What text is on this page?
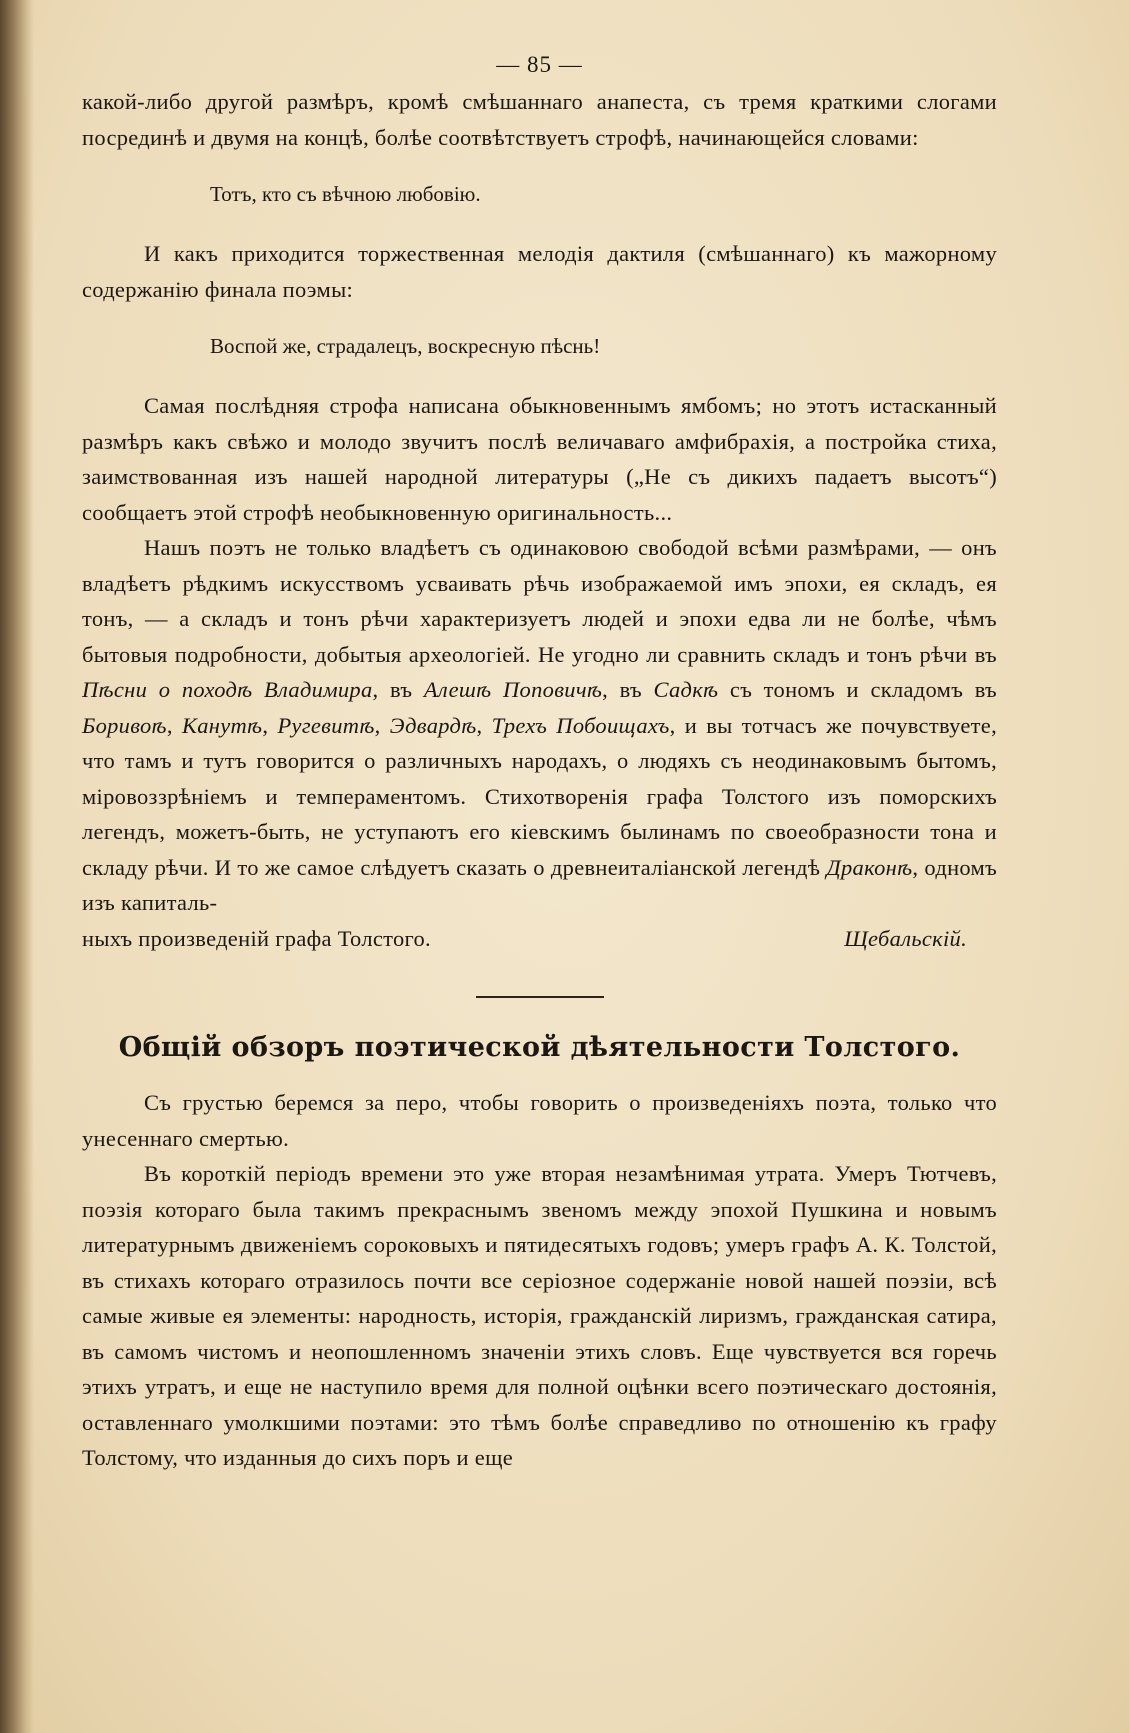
— 85 —

какой-либо другой размѣръ, кромѣ смѣшаннаго анапеста, съ тремя краткими слогами посрединѣ и двумя на концѣ, болѣе соотвѣтствуетъ строфѣ, начинающейся словами:

Тотъ, кто съ вѣчною любовiю.

И какъ приходится торжественная мелодiя дактиля (смѣшаннаго) къ мажорному содержанiю финала поэмы:

Воспой же, страдалецъ, воскресную пѣснь!

Самая послѣдняя строфа написана обыкновеннымъ ямбомъ; но этотъ истасканный размѣръ какъ свѣжо и молодо звучитъ послѣ величаваго амфибрахiя, а постройка стиха, заимствованная изъ нашей народной литературы („Не съ дикихъ падаетъ высотъ“) сообщаетъ этой строфѣ необыкновенную оригинальность...

Нашъ поэтъ не только владѣетъ съ одинаковою свободой всѣми размѣрами, — онъ владѣетъ рѣдкимъ искусствомъ усваивать рѣчь изображаемой имъ эпохи, ея складъ, ея тонъ, — а складъ и тонъ рѣчи характеризуетъ людей и эпохи едва ли не болѣе, чѣмъ бытовыя подробности, добытыя археологiей. Не угодно ли сравнить складъ и тонъ рѣчи въ Пѣсни о походѣ Владимира, въ Алешѣ Поповичѣ, въ Садкѣ съ тономъ и складомъ въ Боривоѣ, Канутѣ, Ругевитѣ, Эдвардѣ, Трехъ Побоищахъ, и вы тотчасъ же почувствуете, что тамъ и тутъ говорится о различныхъ народахъ, о людяхъ съ неодинаковымъ бытомъ, мiровоззрѣнiемъ и темпераментомъ. Стихотворенiя графа Толстого изъ поморскихъ легендъ, можетъ-быть, не уступаютъ его кiевскимъ былинамъ по своеобразности тона и складу рѣчи. И то же самое слѣдуетъ сказать о древнеиталiанской легендѣ Драконѣ, одномъ изъ капиталь-

ныхъ произведенiй графа Толстого.	Щебальскiй.

Общiй обзоръ поэтической дѣятельности Толстого.

Съ грустью беремся за перо, чтобы говорить о произведенiяхъ поэта, только что унесеннаго смертью.

Въ короткiй перiодъ времени это уже вторая незамѣнимая утрата. Умеръ Тютчевъ, поэзiя котораго была такимъ прекраснымъ звеномъ между эпохой Пушкина и новымъ литературнымъ движенiемъ сороковыхъ и пятидесятыхъ годовъ; умеръ графъ А. К. Толстой, въ стихахъ котораго отразилось почти все серiозное содержанiе новой нашей поэзiи, всѣ самые живые ея элементы: народность, исторiя, гражданскiй лиризмъ, гражданская сатира, въ самомъ чистомъ и неопошленномъ значенiи этихъ словъ. Еще чувствуется вся горечь этихъ утратъ, и еще не наступило время для полной оцѣнки всего поэтическаго достоянiя, оставленнаго умолкшими поэтами: это тѣмъ болѣе справедливо по отношенiю къ графу Толстому, что изданныя до сихъ поръ и еще
